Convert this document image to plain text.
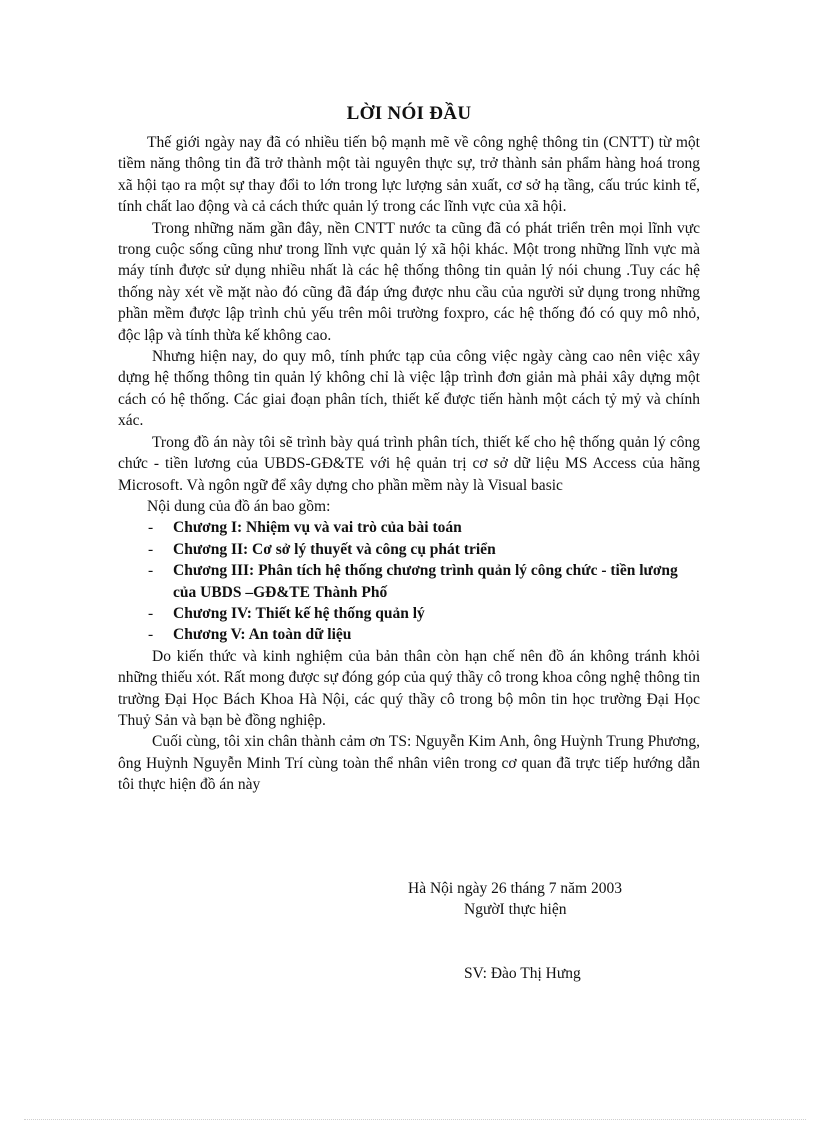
LỜI NÓI ĐẦU

Thế giới ngày nay đã có nhiều tiến bộ mạnh mẽ về công nghệ thông tin (CNTT) từ một tiềm năng thông tin đã trở thành một tài nguyên thực sự, trở thành sản phẩm hàng hoá trong xã hội tạo ra một sự thay đổi to lớn trong lực lượng sản xuất, cơ sở hạ tầng, cấu trúc kinh tế, tính chất lao động và cả cách thức quản lý trong các lĩnh vực của xã hội.

Trong những năm gần đây, nền CNTT nước ta cũng đã có phát triển trên mọi lĩnh vực trong cuộc sống cũng như trong lĩnh vực quản lý xã hội khác. Một trong những lĩnh vực mà máy tính được sử dụng nhiều nhất là các hệ thống thông tin quản lý nói chung .Tuy các hệ thống này xét về mặt nào đó cũng đã đáp ứng được nhu cầu của người sử dụng trong những phần mềm được lập trình chủ yếu trên môi trường foxpro, các hệ thống đó có quy mô nhỏ, độc lập và tính thừa kế không cao.

Nhưng hiện nay, do quy mô, tính phức tạp của công việc ngày càng cao nên việc xây dựng hệ thống thông tin quản lý không chỉ là việc lập trình đơn giản mà phải xây dựng một cách có hệ thống. Các giai đoạn phân tích, thiết kế được tiến hành một cách tỷ mỷ và chính xác.

Trong đồ án này tôi sẽ trình bày quá trình phân tích, thiết kế cho hệ thống quản lý công chức - tiền lương của UBDS-GĐ&TE với hệ quản trị cơ sở dữ liệu MS Access của hãng Microsoft. Và ngôn ngữ để xây dựng cho phần mềm này là Visual basic

Nội dung của đồ án bao gồm:

- Chương I: Nhiệm vụ và vai trò của bài toán
- Chương II: Cơ sở lý thuyết và công cụ phát triển
- Chương III: Phân tích hệ thống chương trình quản lý công chức - tiền lương của UBDS –GĐ&TE Thành Phố
- Chương IV: Thiết kế hệ thống quản lý
- Chương V: An toàn dữ liệu

Do kiến thức và kinh nghiệm của bản thân còn hạn chế nên đồ án không tránh khỏi những thiếu xót. Rất mong được sự đóng góp của quý thầy cô trong khoa công nghệ thông tin trường Đại Học Bách Khoa Hà Nội, các quý thầy cô trong bộ môn tin học trường Đại Học Thuỷ Sản và bạn bè đồng nghiệp.

Cuối cùng, tôi xin chân thành cảm ơn TS: Nguyễn Kim Anh, ông Huỳnh Trung Phương, ông Huỳnh Nguyễn Minh Trí cùng toàn thể nhân viên trong cơ quan đã trực tiếp hướng dẫn tôi thực hiện đồ án này

Hà Nội ngày 26 tháng 7 năm 2003
NgườI thực hiện
SV: Đào Thị Hưng
